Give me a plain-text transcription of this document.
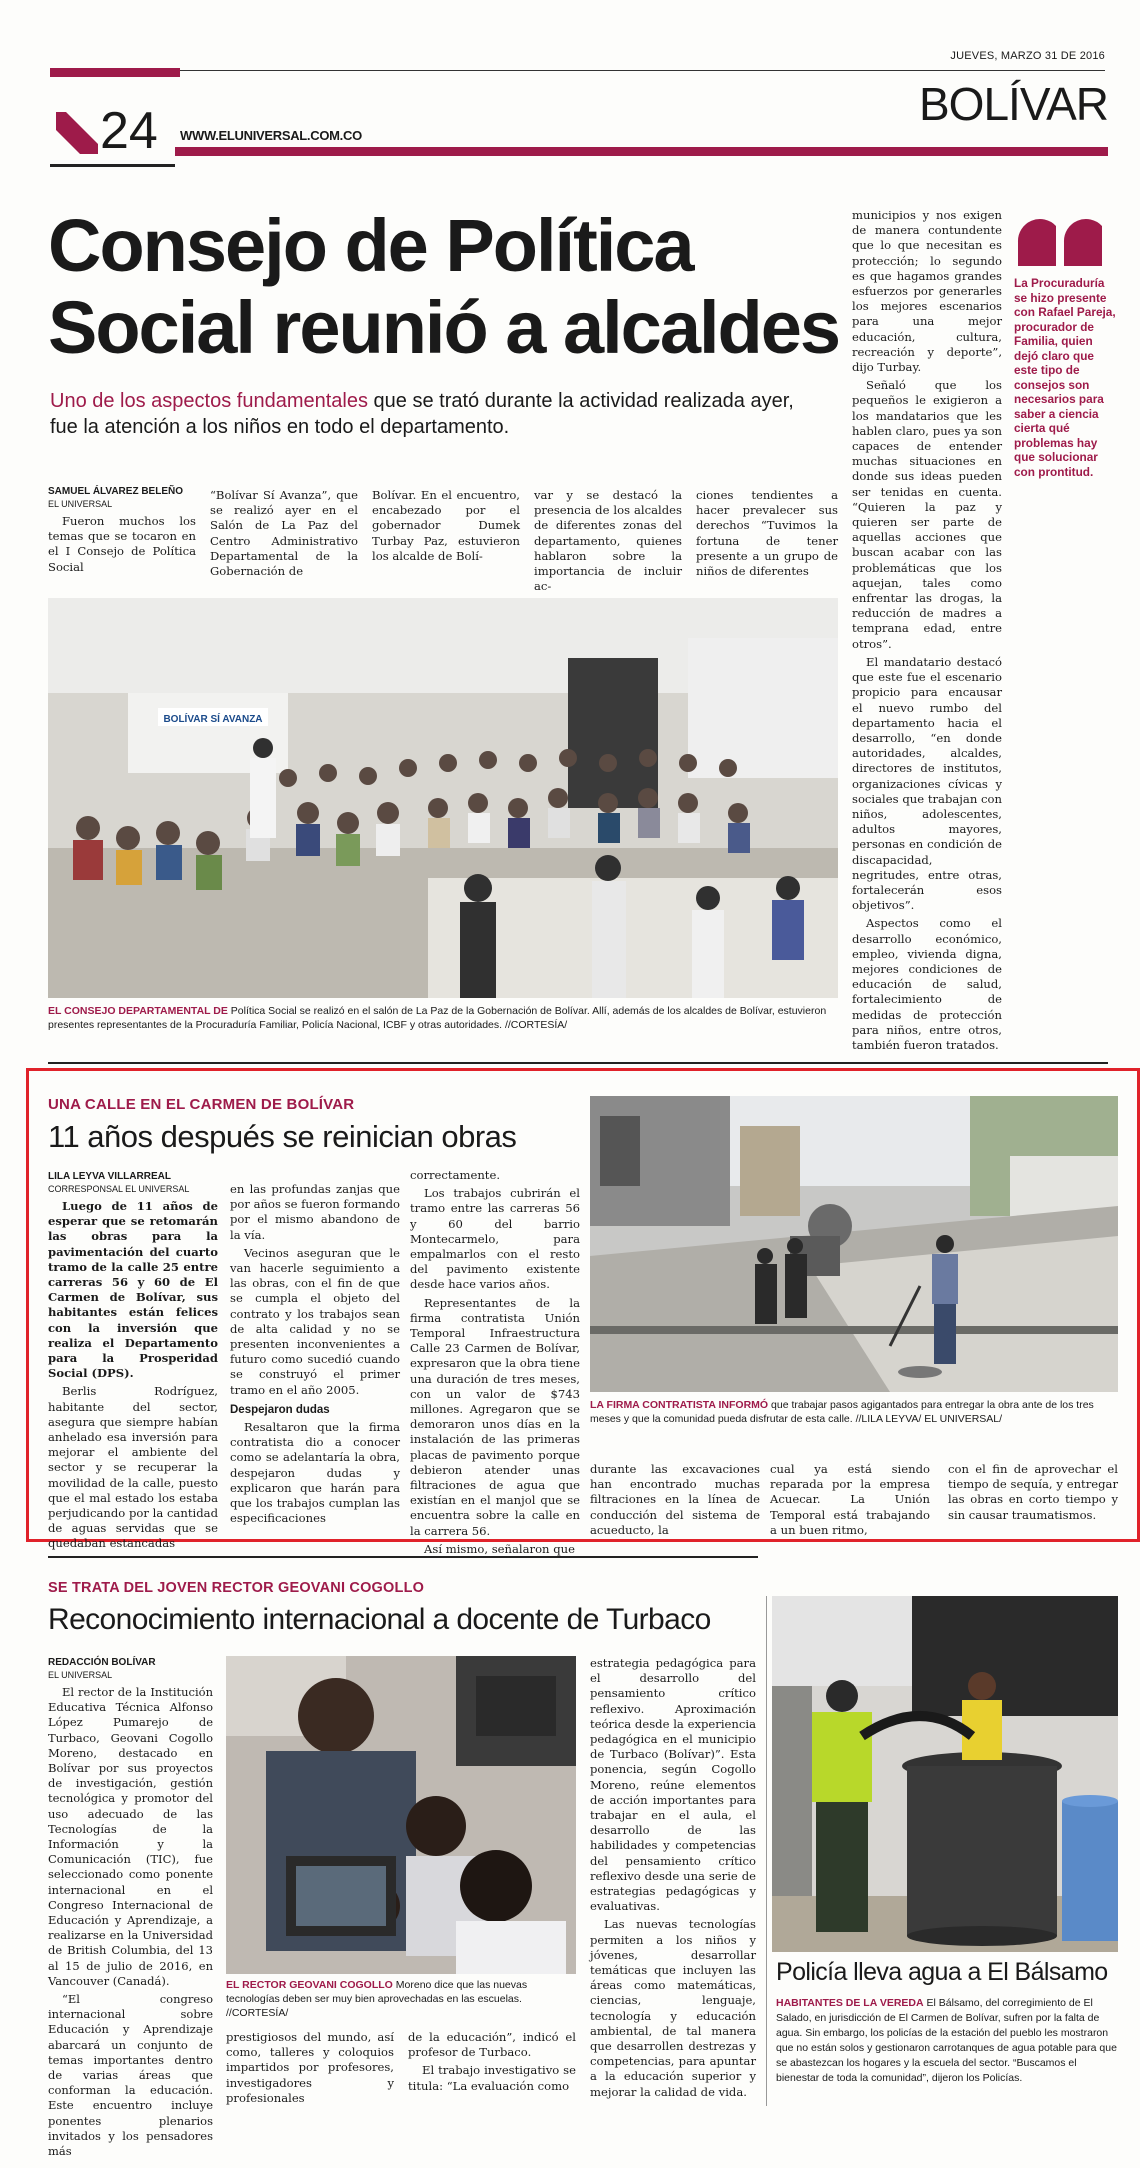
JUEVES, MARZO 31 DE 2016
BOLÍVAR
24 WWW.ELUNIVERSAL.COM.CO
Consejo de Política
Social reunió a alcaldes

Uno de los aspectos fundamentales que se trató durante la actividad realizada ayer, fue la atención a los niños en todo el departamento.

SAMUEL ÁLVAREZ BELEÑO
EL UNIVERSAL

Fueron muchos los temas que se tocaron en el I Consejo de Política Social

“Bolívar Sí Avanza”, que se realizó ayer en el Salón de La Paz del Centro Administrativo Departamental de la Gobernación de

Bolívar. En el encuentro, encabezado por el gobernador Dumek Turbay Paz, estuvieron los alcalde de Bolí-

var y se destacó la presencia de los alcaldes de diferentes zonas del departamento, quienes hablaron sobre la importancia de incluir ac-

ciones tendientes a hacer prevalecer sus derechos “Tuvimos la fortuna de tener presente a un grupo de niños de diferentes

BOLÍVAR SÍ AVANZA
EL CONSEJO DEPARTAMENTAL DE Política Social se realizó en el salón de La Paz de la Gobernación de Bolívar. Allí, además de los alcaldes de Bolívar, estuvieron presentes representantes de la Procuraduría Familiar, Policía Nacional, ICBF y otras autoridades. //CORTESÍA/

municipios y nos exigen de manera contundente que lo que necesitan es protección; lo segundo es que hagamos grandes esfuerzos por generarles los mejores escenarios para una mejor educación, cultura, recreación y deporte”, dijo Turbay.

Señaló que los pequeños le exigieron a los mandatarios que les hablen claro, pues ya son capaces de entender muchas situaciones en donde sus ideas pueden ser tenidas en cuenta. “Quieren la paz y quieren ser parte de aquellas acciones que buscan acabar con las problemáticas que los aquejan, tales como enfrentar las drogas, la reducción de madres a temprana edad, entre otros”.

El mandatario destacó que este fue el escenario propicio para encausar el nuevo rumbo del departamento hacia el desarrollo, “en donde autoridades, alcaldes, directores de institutos, organizaciones cívicas y sociales que trabajan con niños, adolescentes, adultos mayores, personas en condición de discapacidad, negritudes, entre otras, fortalecerán esos objetivos”.

Aspectos como el desarrollo económico, empleo, vivienda digna, mejores condiciones de educación de salud, fortalecimiento de medidas de protección para niños, entre otros, también fueron tratados.

La Procuraduría se hizo presente con Rafael Pareja, procurador de Familia, quien dejó claro que este tipo de consejos son necesarios para saber a ciencia cierta qué problemas hay que solucionar con prontitud.
UNA CALLE EN EL CARMEN DE BOLÍVAR
11 años después se reinician obras
LILA LEYVA VILLARREAL
CORRESPONSAL EL UNIVERSAL

Luego de 11 años de esperar que se retomarán las obras para la pavimentación del cuarto tramo de la calle 25 entre carreras 56 y 60 de El Carmen de Bolívar, sus habitantes están felices con la inversión que realiza el Departamento para la Prosperidad Social (DPS).

Berlis Rodríguez, habitante del sector, asegura que siempre habían anhelado esa inversión para mejorar el ambiente del sector y se recuperar la movilidad de la calle, puesto que el mal estado los estaba perjudicando por la cantidad de aguas servidas que se quedaban estancadas

en las profundas zanjas que por años se fueron formando por el mismo abandono de la vía.

Vecinos aseguran que le van hacerle seguimiento a las obras, con el fin de que se cumpla el objeto del contrato y los trabajos sean de alta calidad y no se presenten inconvenientes a futuro como sucedió cuando se construyó el primer tramo en el año 2005.

Despejaron dudas

Resaltaron que la firma contratista dio a conocer como se adelantaría la obra, despejaron dudas y explicaron que harán para que los trabajos cumplan las especificaciones

correctamente.

Los trabajos cubrirán el tramo entre las carreras 56 y 60 del barrio Montecarmelo, para empalmarlos con el resto del pavimento existente desde hace varios años.

Representantes de la firma contratista Unión Temporal Infraestructura Calle 23 Carmen de Bolívar, expresaron que la obra tiene una duración de tres meses, con un valor de $743 millones. Agregaron que se demoraron unos días en la instalación de las primeras placas de pavimento porque debieron atender unas filtraciones de agua que existían en el manjol que se encuentra sobre la calle en la carrera 56.

Así mismo, señalaron que

LA FIRMA CONTRATISTA INFORMÓ que trabajar pasos agigantados para entregar la obra ante de los tres meses y que la comunidad pueda disfrutar de esta calle. //LILA LEYVA/ EL UNIVERSAL/

durante las excavaciones han encontrado muchas filtraciones en la línea de conducción del sistema de acueducto, la

cual ya está siendo reparada por la empresa Acuecar. La Unión Temporal está trabajando a un buen ritmo,

con el fin de aprovechar el tiempo de sequía, y entregar las obras en corto tiempo y sin causar traumatismos.

SE TRATA DEL JOVEN RECTOR GEOVANI COGOLLO
Reconocimiento internacional a docente de Turbaco
REDACCIÓN BOLÍVAR
EL UNIVERSAL

El rector de la Institución Educativa Técnica Alfonso López Pumarejo de Turbaco, Geovani Cogollo Moreno, destacado en Bolívar por sus proyectos de investigación, gestión tecnológica y promotor del uso adecuado de las Tecnologías de la Información y la Comunicación (TIC), fue seleccionado como ponente internacional en el Congreso Internacional de Educación y Aprendizaje, a realizarse en la Universidad de British Columbia, del 13 al 15 de julio de 2016, en Vancouver (Canadá).

“El congreso internacional sobre Educación y Aprendizaje abarcará un conjunto de temas importantes dentro de varias áreas que conforman la educación. Este encuentro incluye ponentes plenarios invitados y los pensadores más

EL RECTOR GEOVANI COGOLLO Moreno dice que las nuevas tecnologías deben ser muy bien aprovechadas en las escuelas. //CORTESÍA/

prestigiosos del mundo, así como, talleres y coloquios impartidos por profesores, investigadores y profesionales

de la educación”, indicó el profesor de Turbaco.

El trabajo investigativo se titula: “La evaluación como

estrategia pedagógica para el desarrollo del pensamiento crítico reflexivo. Aproximación teórica desde la experiencia pedagógica en el municipio de Turbaco (Bolívar)”. Esta ponencia, según Cogollo Moreno, reúne elementos de acción importantes para trabajar en el aula, el desarrollo de las habilidades y competencias del pensamiento crítico reflexivo desde una serie de estrategias pedagógicas y evaluativas.

Las nuevas tecnologías permiten a los niños y jóvenes, desarrollar temáticas que incluyen las áreas como matemáticas, ciencias, lenguaje, tecnología y educación ambiental, de tal manera que desarrollen destrezas y competencias, para apuntar a la educación superior y mejorar la calidad de vida.

Policía lleva agua a El Bálsamo
HABITANTES DE LA VEREDA El Bálsamo, del corregimiento de El Salado, en jurisdicción de El Carmen de Bolívar, sufren por la falta de agua. Sin embargo, los policías de la estación del pueblo les mostraron que no están solos y gestionaron carrotanques de agua potable para que se abastezcan los hogares y la escuela del sector. “Buscamos el bienestar de toda la comunidad”, dijeron los Policías.
